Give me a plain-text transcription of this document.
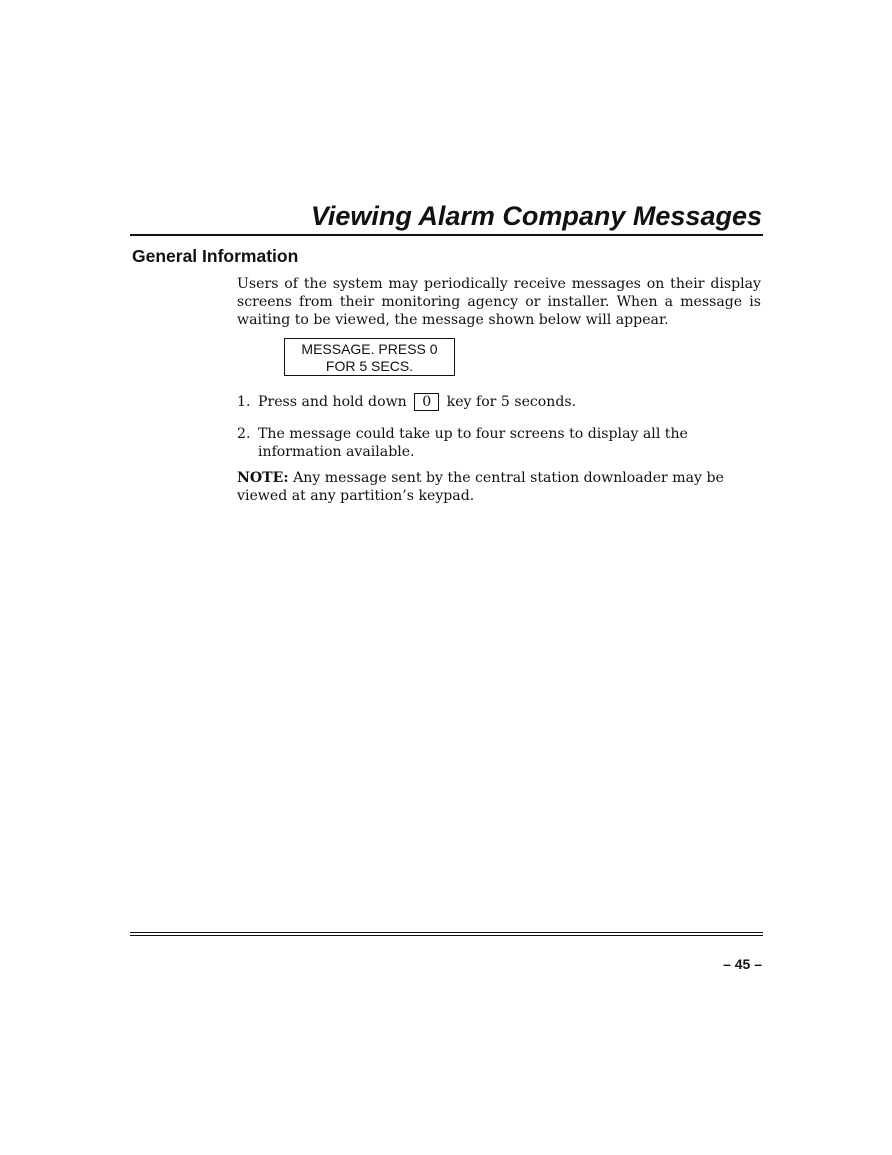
Viewing Alarm Company Messages
General Information
Users of the system may periodically receive messages on their display screens from their monitoring agency or installer. When a message is waiting to be viewed, the message shown below will appear.
MESSAGE. PRESS 0
FOR 5 SECS.
1. Press and hold down 0 key for 5 seconds.
2. The message could take up to four screens to display all the information available.
NOTE: Any message sent by the central station downloader may be viewed at any partition’s keypad.
– 45 –
